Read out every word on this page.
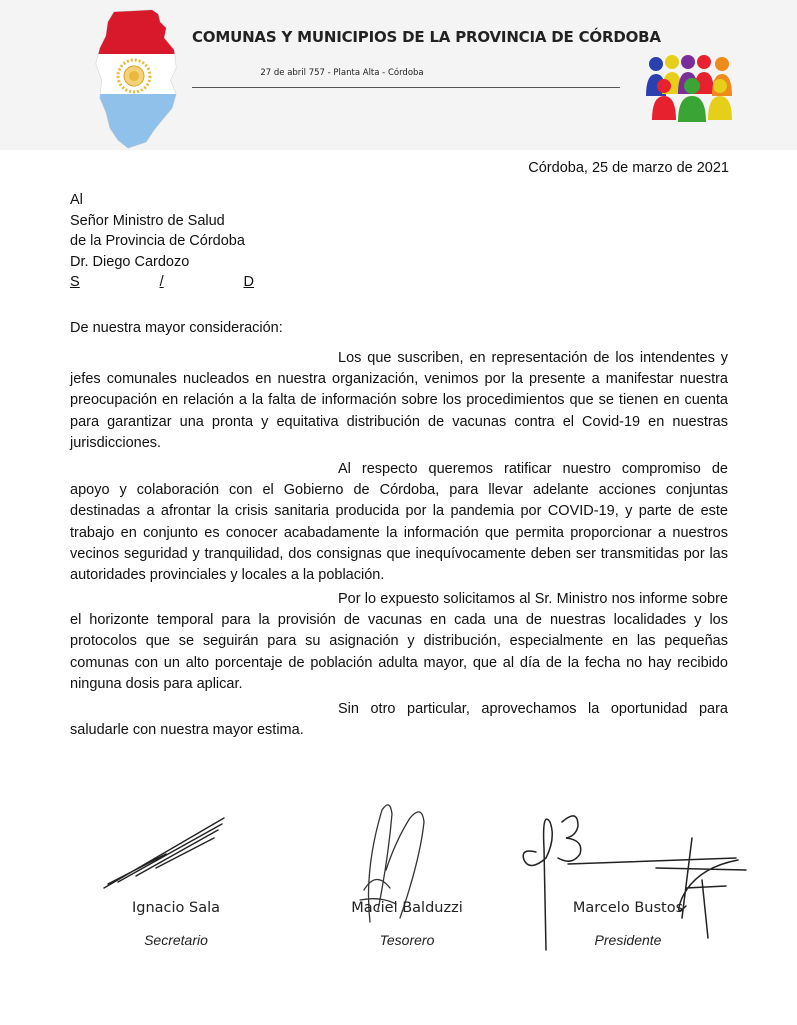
COMUNAS Y MUNICIPIOS DE LA PROVINCIA DE CÓRDOBA
27 de abril 757 - Planta Alta - Córdoba
Córdoba, 25 de marzo de 2021
Al
Señor Ministro de Salud
de la Provincia de Córdoba
Dr. Diego Cardozo
S	/	D
De nuestra mayor consideración:

Los que suscriben, en representación de los intendentes y jefes comunales nucleados en nuestra organización, venimos por la presente a manifestar nuestra preocupación en relación a la falta de información sobre los procedimientos que se tienen en cuenta para garantizar una pronta y equitativa distribución de vacunas contra el Covid-19 en nuestras jurisdicciones.

Al respecto queremos ratificar nuestro compromiso de apoyo y colaboración con el Gobierno de Córdoba, para llevar adelante acciones conjuntas destinadas a afrontar la crisis sanitaria producida por la pandemia por COVID-19, y parte de este trabajo en conjunto es conocer acabadamente la información que permita proporcionar a nuestros vecinos seguridad y tranquilidad, dos consignas que inequívocamente deben ser transmitidas por las autoridades provinciales y locales a la población.

Por lo expuesto solicitamos al Sr. Ministro nos informe sobre el horizonte temporal para la provisión de vacunas en cada una de nuestras localidades y los protocolos que se seguirán para su asignación y distribución, especialmente en las pequeñas comunas con un alto porcentaje de población adulta mayor, que al día de la fecha no hay recibido ninguna dosis para aplicar.

Sin otro particular, aprovechamos la oportunidad para saludarle con nuestra mayor estima.

Ignacio Sala
Secretario
Maciel Balduzzi
Tesorero
Marcelo Bustos
Presidente
